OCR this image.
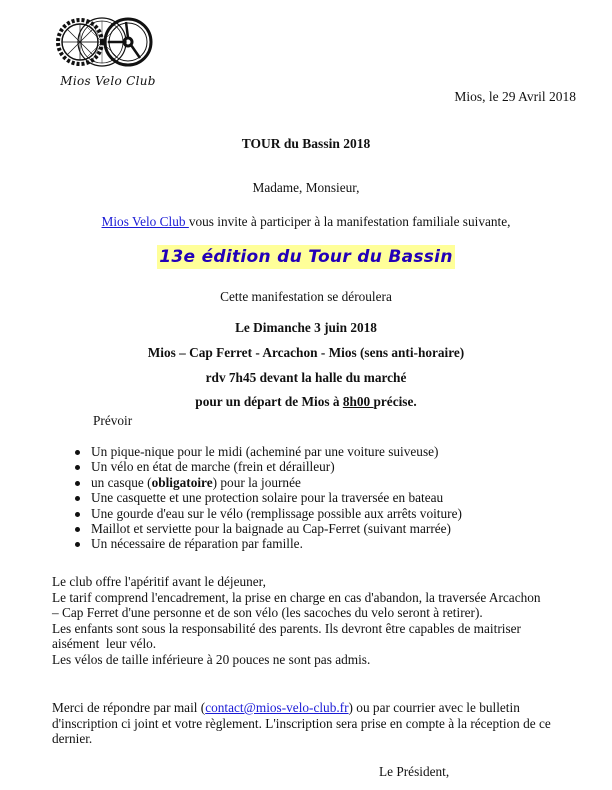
Mios Velo Club
Mios, le 29 Avril 2018
TOUR du Bassin 2018
Madame, Monsieur,
Mios Velo Club vous invite à participer à la manifestation familiale suivante,
13e édition du Tour du Bassin
Cette manifestation se déroulera
Le Dimanche 3 juin 2018
Mios – Cap Ferret - Arcachon - Mios (sens anti-horaire)
rdv 7h45 devant la halle du marché
pour un départ de Mios à 8h00 précise.
Prévoir
Un pique-nique pour le midi (acheminé par une voiture suiveuse)
Un vélo en état de marche (frein et dérailleur)
un casque (obligatoire) pour la journée
Une casquette et une protection solaire pour la traversée en bateau
Une gourde d'eau sur le vélo (remplissage possible aux arrêts voiture)
Maillot et serviette pour la baignade au Cap-Ferret (suivant marrée)
Un nécessaire de réparation par famille.

Le club offre l'apéritif avant le déjeuner,

Le tarif comprend l'encadrement, la prise en charge en cas d'abandon, la traversée Arcachon

– Cap Ferret d'une personne et de son vélo (les sacoches du velo seront à retirer).

Les enfants sont sous la responsabilité des parents. Ils devront être capables de maitriser

aisément  leur vélo.

Les vélos de taille inférieure à 20 pouces ne sont pas admis.

Merci de répondre par mail (contact@mios-velo-club.fr) ou par courrier avec le bulletin
d'inscription ci joint et votre règlement. L'inscription sera prise en compte à la réception de ce
dernier.
Le Président,
